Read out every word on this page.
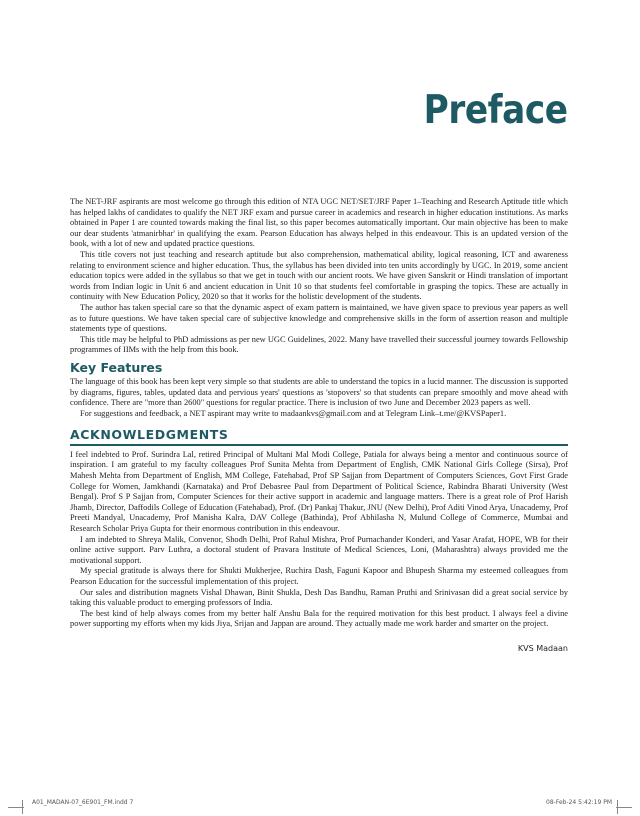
Preface

The NET-JRF aspirants are most welcome go through this edition of NTA UGC NET/SET/JRF Paper 1–Teaching and Research Aptitude title which has helped lakhs of candidates to qualify the NET JRF exam and pursue career in academics and research in higher education institutions. As marks obtained in Paper 1 are counted towards making the final list, so this paper becomes automatically important. Our main objective has been to make our dear students 'atmanirbhar' in qualifying the exam. Pearson Education has always helped in this endeavour. This is an updated version of the book, with a lot of new and updated practice questions.

This title covers not just teaching and research aptitude but also comprehension, mathematical ability, logical reasoning, ICT and awareness relating to environment science and higher education. Thus, the syllabus has been divided into ten units accordingly by UGC. In 2019, some ancient education topics were added in the syllabus so that we get in touch with our ancient roots. We have given Sanskrit or Hindi translation of important words from Indian logic in Unit 6 and ancient education in Unit 10 so that students feel comfortable in grasping the topics. These are actually in continuity with New Education Policy, 2020 so that it works for the holistic development of the students.

The author has taken special care so that the dynamic aspect of exam pattern is maintained, we have given space to previous year papers as well as to future questions. We have taken special care of subjective knowledge and comprehensive skills in the form of assertion reason and multiple statements type of questions.

This title may be helpful to PhD admissions as per new UGC Guidelines, 2022. Many have travelled their successful journey towards Fellowship programmes of IIMs with the help from this book.

Key Features

The language of this book has been kept very simple so that students are able to understand the topics in a lucid manner. The discussion is supported by diagrams, figures, tables, updated data and pervious years' questions as 'stopovers' so that students can prepare smoothly and move ahead with confidence. There are "more than 2600" questions for regular practice. There is inclusion of two June and December 2023 papers as well.

For suggestions and feedback, a NET aspirant may write to madaankvs@gmail.com and at Telegram Link–t.me/@KVSPaper1.

ACKNOWLEDGMENTS

I feel indebted to Prof. Surindra Lal, retired Principal of Multani Mal Modi College, Patiala for always being a mentor and continuous source of inspiration. I am grateful to my faculty colleagues Prof Sunita Mehta from Department of English, CMK National Girls College (Sirsa), Prof Mahesh Mehta from Department of English, MM College, Fatehabad, Prof SP Sajjan from Department of Computers Sciences, Govt First Grade College for Women, Jamkhandi (Karnataka) and Prof Debasree Paul from Department of Political Science, Rabindra Bharati University (West Bengal). Prof S P Sajjan from, Computer Sciences for their active support in academic and language matters. There is a great role of Prof Harish Jhamb, Director, Daffodils College of Education (Fatehabad), Prof. (Dr) Pankaj Thakur, JNU (New Delhi), Prof Aditi Vinod Arya, Unacademy, Prof Preeti Mandyal, Unacademy, Prof Manisha Kalra, DAV College (Bathinda), Prof Abhilasha N, Mulund College of Commerce, Mumbai and Research Scholar Priya Gupta for their enormous contribution in this endeavour.

I am indebted to Shreya Malik, Convenor, Shodh Delhi, Prof Rahul Mishra, Prof Purnachander Konderi, and Yasar Arafat, HOPE, WB for their online active support. Parv Luthra, a doctoral student of Pravara Institute of Medical Sciences, Loni, (Maharashtra) always provided me the motivational support.

My special gratitude is always there for Shukti Mukherjee, Ruchira Dash, Faguni Kapoor and Bhupesh Sharma my esteemed colleagues from Pearson Education for the successful implementation of this project.

Our sales and distribution magnets Vishal Dhawan, Binit Shukla, Desh Das Bandhu, Raman Pruthi and Srinivasan did a great social service by taking this valuable product to emerging professors of India.

The best kind of help always comes from my better half Anshu Bala for the required motivation for this best product. I always feel a divine power supporting my efforts when my kids Jiya, Srijan and Jappan are around. They actually made me work harder and smarter on the project.

KVS Madaan
A01_MADAN-07_6E901_FM.indd 7	08-Feb-24 5:42:19 PM
